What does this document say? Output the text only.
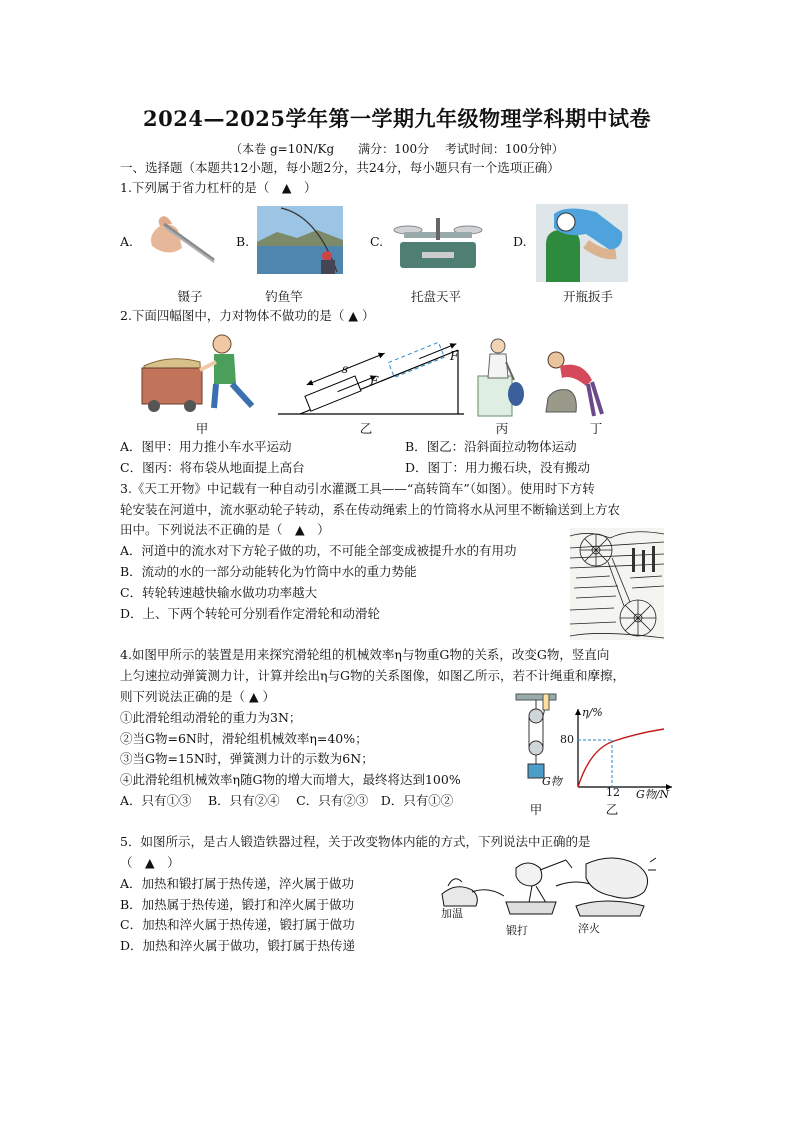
2024—2025学年第一学期九年级物理学科期中试卷
（本卷 g=10N/Kg　　满分：100分　 考试时间：100分钟）
一、选择题（本题共12小题，每小题2分，共24分，每小题只有一个选项正确）
1.下列属于省力杠杆的是（　▲　）
A.	B.	C.	D.
镊子	钓鱼竿	托盘天平	开瓶扳手
2.下面四幅图中，力对物体不做功的是（ ▲ ）
甲
s
F
F
乙	丙	丁
A．图甲：用力推小车水平运动	B．图乙：沿斜面拉动物体运动
C．图丙：将布袋从地面提上高台	D．图丁：用力搬石块，没有搬动
3.《天工开物》中记载有一种自动引水灌溉工具——“高转筒车”（如图）。使用时下方转
轮安装在河道中，流水驱动轮子转动，系在传动绳索上的竹筒将水从河里不断输送到上方农
田中。下列说法不正确的是（　▲　）
A．河道中的流水对下方轮子做的功，不可能全部变成被提升水的有用功
B．流动的水的一部分动能转化为竹筒中水的重力势能
C．转轮转速越快输水做功功率越大
D．上、下两个转轮可分别看作定滑轮和动滑轮
4.如图甲所示的装置是用来探究滑轮组的机械效率η与物重G物的关系，改变G物，竖直向
上匀速拉动弹簧测力计，计算并绘出η与G物的关系图像，如图乙所示，若不计绳重和摩擦，
则下列说法正确的是（ ▲ ）
①此滑轮组动滑轮的重力为3N；
②当G物=6N时，滑轮组机械效率η=40%；
③当G物=15N时，弹簧测力计的示数为6N；
④此滑轮组机械效率η随G物的增大而增大，最终将达到100%
A．只有①③　 B．只有②④　 C．只有②③　D．只有①②
G物
甲
η/%
80
12 G物/N
乙
5．如图所示，是古人锻造铁器过程，关于改变物体内能的方式，下列说法中正确的是
（　▲　）
A．加热和锻打属于热传递，淬火属于做功
B．加热属于热传递，锻打和淬火属于做功
C．加热和淬火属于热传递，锻打属于做功
D．加热和淬火属于做功，锻打属于热传递
加温
锻打	淬火
